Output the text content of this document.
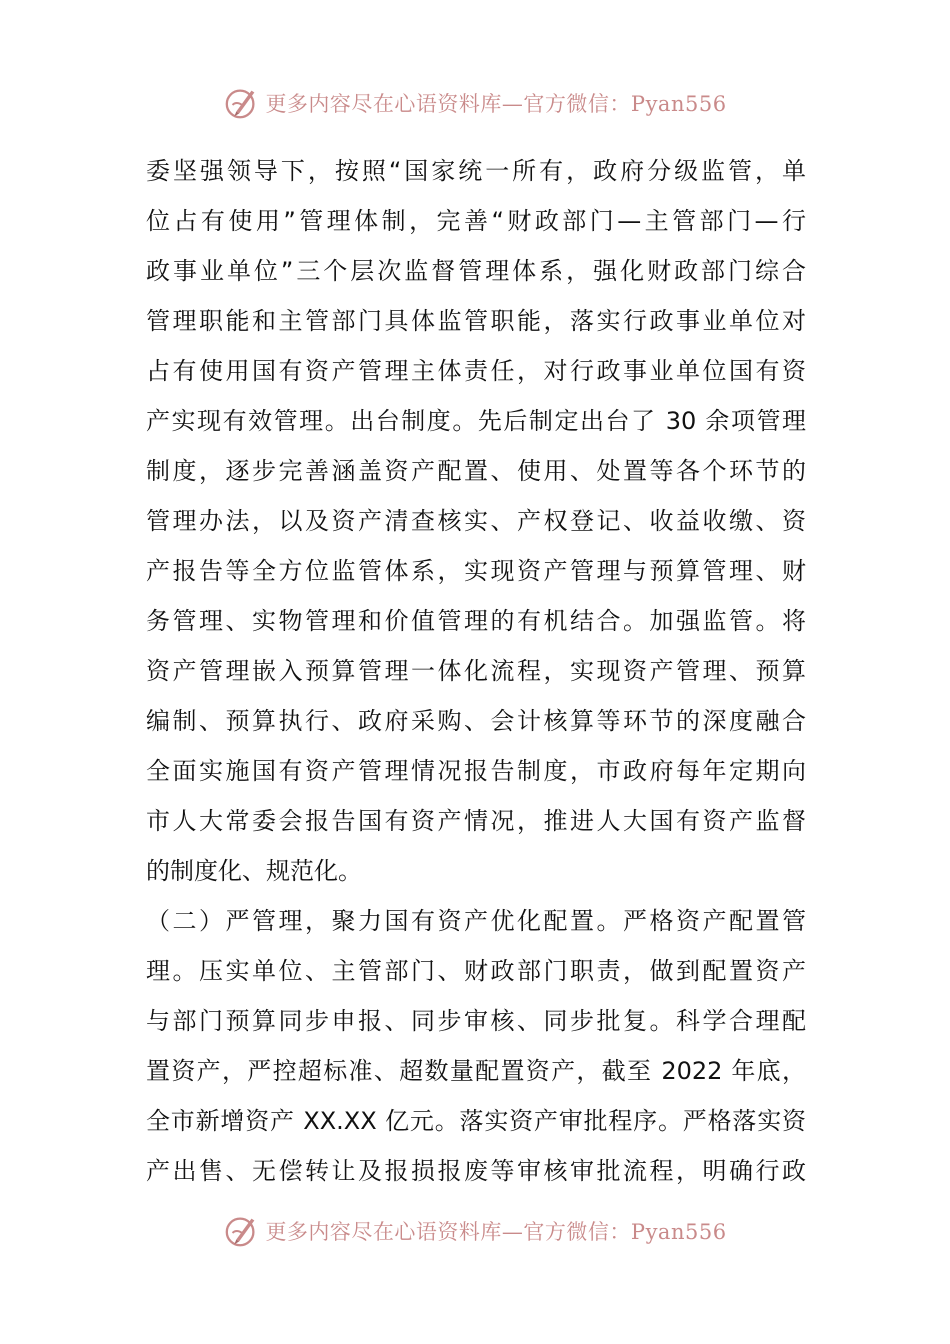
更多内容尽在心语资料库—官方微信：Pyan556
委坚强领导下，按照“国家统一所有，政府分级监管，单
位占有使用”管理体制，完善“财政部门—主管部门—行
政事业单位”三个层次监督管理体系，强化财政部门综合
管理职能和主管部门具体监管职能，落实行政事业单位对
占有使用国有资产管理主体责任，对行政事业单位国有资
产实现有效管理。出台制度。先后制定出台了 30 余项管理
制度，逐步完善涵盖资产配置、使用、处置等各个环节的
管理办法，以及资产清查核实、产权登记、收益收缴、资
产报告等全方位监管体系，实现资产管理与预算管理、财
务管理、实物管理和价值管理的有机结合。加强监管。将
资产管理嵌入预算管理一体化流程，实现资产管理、预算
编制、预算执行、政府采购、会计核算等环节的深度融合
全面实施国有资产管理情况报告制度，市政府每年定期向
市人大常委会报告国有资产情况，推进人大国有资产监督
的制度化、规范化。
（二）严管理，聚力国有资产优化配置。严格资产配置管
理。压实单位、主管部门、财政部门职责，做到配置资产
与部门预算同步申报、同步审核、同步批复。科学合理配
置资产，严控超标准、超数量配置资产，截至 2022 年底，
全市新增资产 XX.XX 亿元。落实资产审批程序。严格落实资
产出售、无偿转让及报损报废等审核审批流程，明确行政
更多内容尽在心语资料库—官方微信：Pyan556
